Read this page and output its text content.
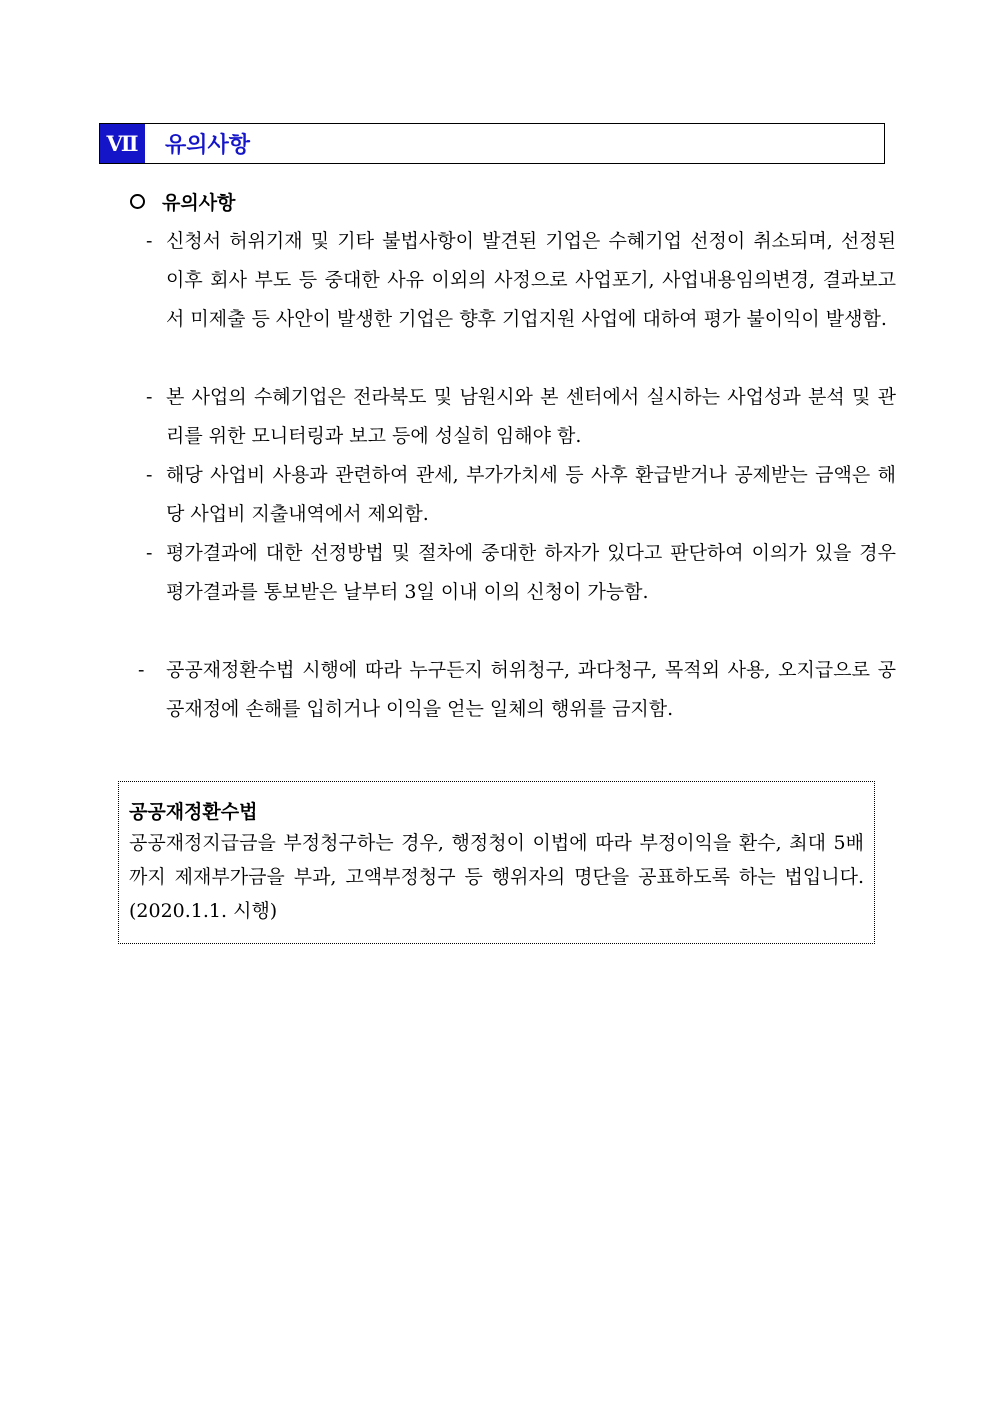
Ⅶ	유의사항
유의사항
- 신청서 허위기재 및 기타 불법사항이 발견된 기업은 수혜기업 선정이 취소되며, 선정된 이후 회사 부도 등 중대한 사유 이외의 사정으로 사업포기, 사업내용임의변경, 결과보고서 미제출 등 사안이 발생한 기업은 향후 기업지원 사업에 대하여 평가 불이익이 발생함.
- 본 사업의 수혜기업은 전라북도 및 남원시와 본 센터에서 실시하는 사업성과 분석 및 관리를 위한 모니터링과 보고 등에 성실히 임해야 함.
- 해당 사업비 사용과 관련하여 관세, 부가가치세 등 사후 환급받거나 공제받는 금액은 해당 사업비 지출내역에서 제외함.
- 평가결과에 대한 선정방법 및 절차에 중대한 하자가 있다고 판단하여 이의가 있을 경우 평가결과를 통보받은 날부터 3일 이내 이의 신청이 가능함.
- 공공재정환수법 시행에 따라 누구든지 허위청구, 과다청구, 목적외 사용, 오지급으로 공공재정에 손해를 입히거나 이익을 얻는 일체의 행위를 금지함.
공공재정환수법
공공재정지급금을 부정청구하는 경우, 행정청이 이법에 따라 부정이익을 환수, 최대 5배까지 제재부가금을 부과, 고액부정청구 등 행위자의 명단을 공표하도록 하는 법입니다.(2020.1.1. 시행)
